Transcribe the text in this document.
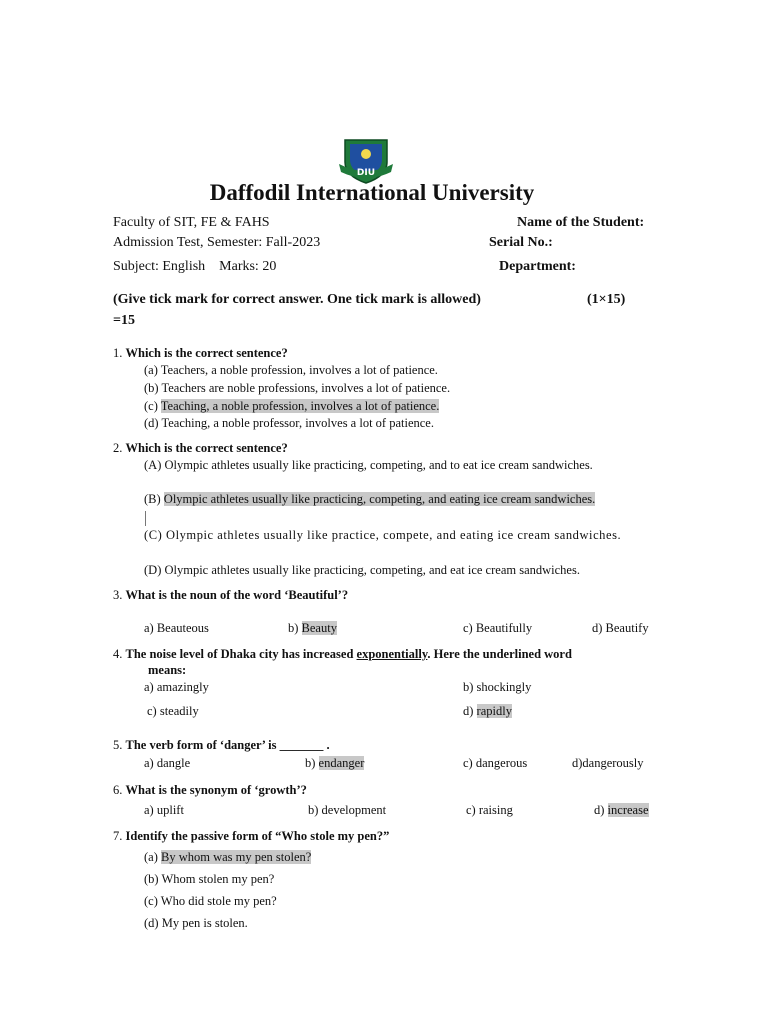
DIU
Daffodil International University
Faculty of SIT, FE & FAHS	Name of the Student:
Admission Test, Semester: Fall-2023	Serial No.:
Subject: English    Marks: 20	Department:
(Give tick mark for correct answer. One tick mark is allowed)	(1×15)
=15
1. Which is the correct sentence?
(a) Teachers, a noble profession, involves a lot of patience.
(b) Teachers are noble professions, involves a lot of patience.
(c) Teaching, a noble profession, involves a lot of patience.
(d) Teaching, a noble professor, involves a lot of patience.
2. Which is the correct sentence?
(A) Olympic athletes usually like practicing, competing, and to eat ice cream sandwiches.
(B) Olympic athletes usually like practicing, competing, and eating ice cream sandwiches.
(C) Olympic athletes usually like practice, compete, and eating ice cream sandwiches.
(D) Olympic athletes usually like practicing, competing, and eat ice cream sandwiches.
3. What is the noun of the word ‘Beautiful’?
a) Beauteous	b) Beauty	c) Beautifully	d) Beautify
4. The noise level of Dhaka city has increased exponentially. Here the underlined word
means:
a) amazingly	b) shockingly
c) steadily	d) rapidly
5. The verb form of ‘danger’ is _______ .
a) dangle	b) endanger	c) dangerous	d)dangerously
6. What is the synonym of ‘growth’?
a) uplift	b) development	c) raising	d) increase
7. Identify the passive form of “Who stole my pen?”
(a) By whom was my pen stolen?
(b) Whom stolen my pen?
(c) Who did stole my pen?
(d) My pen is stolen.
